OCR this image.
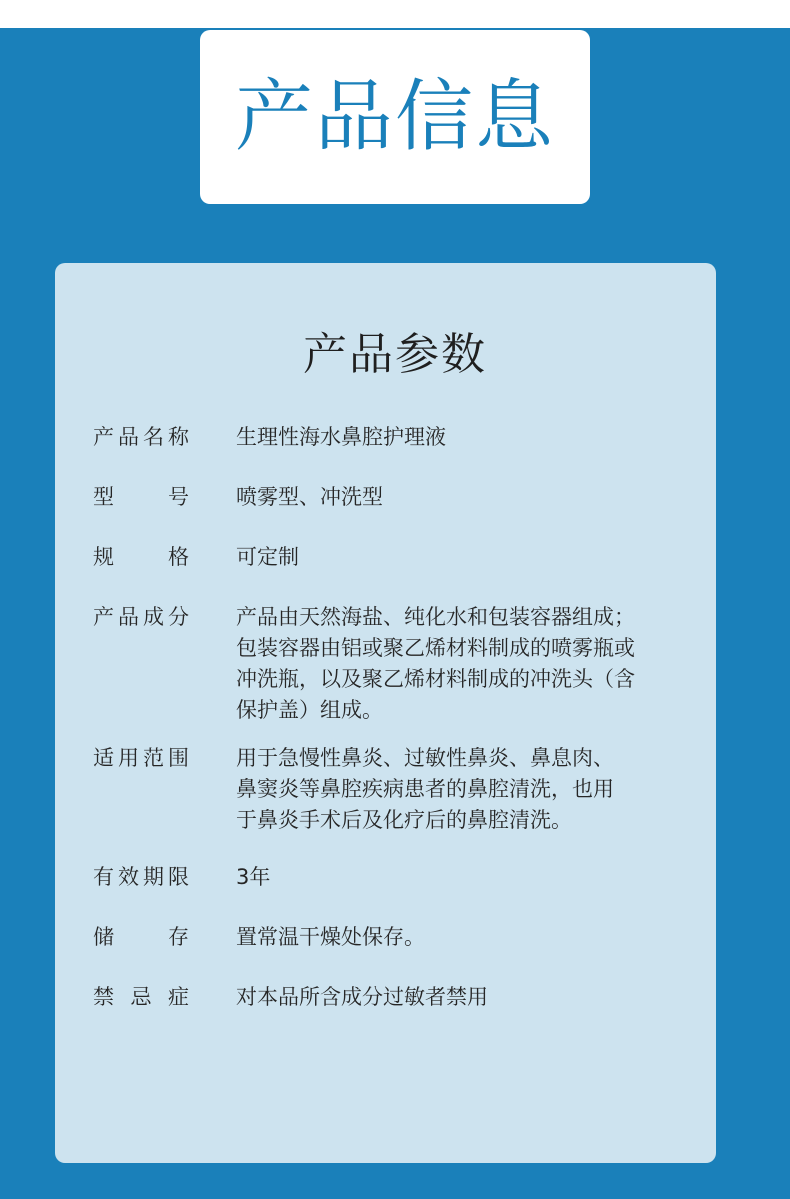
产品信息
产品参数
产 品 名 称 生理性海水鼻腔护理液
型	号 喷雾型、冲洗型
规	格 可定制
产 品 成 分 产品由天然海盐、纯化水和包装容器组成；
包装容器由铝或聚乙烯材料制成的喷雾瓶或
冲洗瓶，以及聚乙烯材料制成的冲洗头（含
保护盖）组成。
适 用 范 围 用于急慢性鼻炎、过敏性鼻炎、鼻息肉、
鼻窦炎等鼻腔疾病患者的鼻腔清洗，也用
于鼻炎手术后及化疗后的鼻腔清洗。
有 效 期 限 3年
储	存 置常温干燥处保存。
禁 忌 症 对本品所含成分过敏者禁用
